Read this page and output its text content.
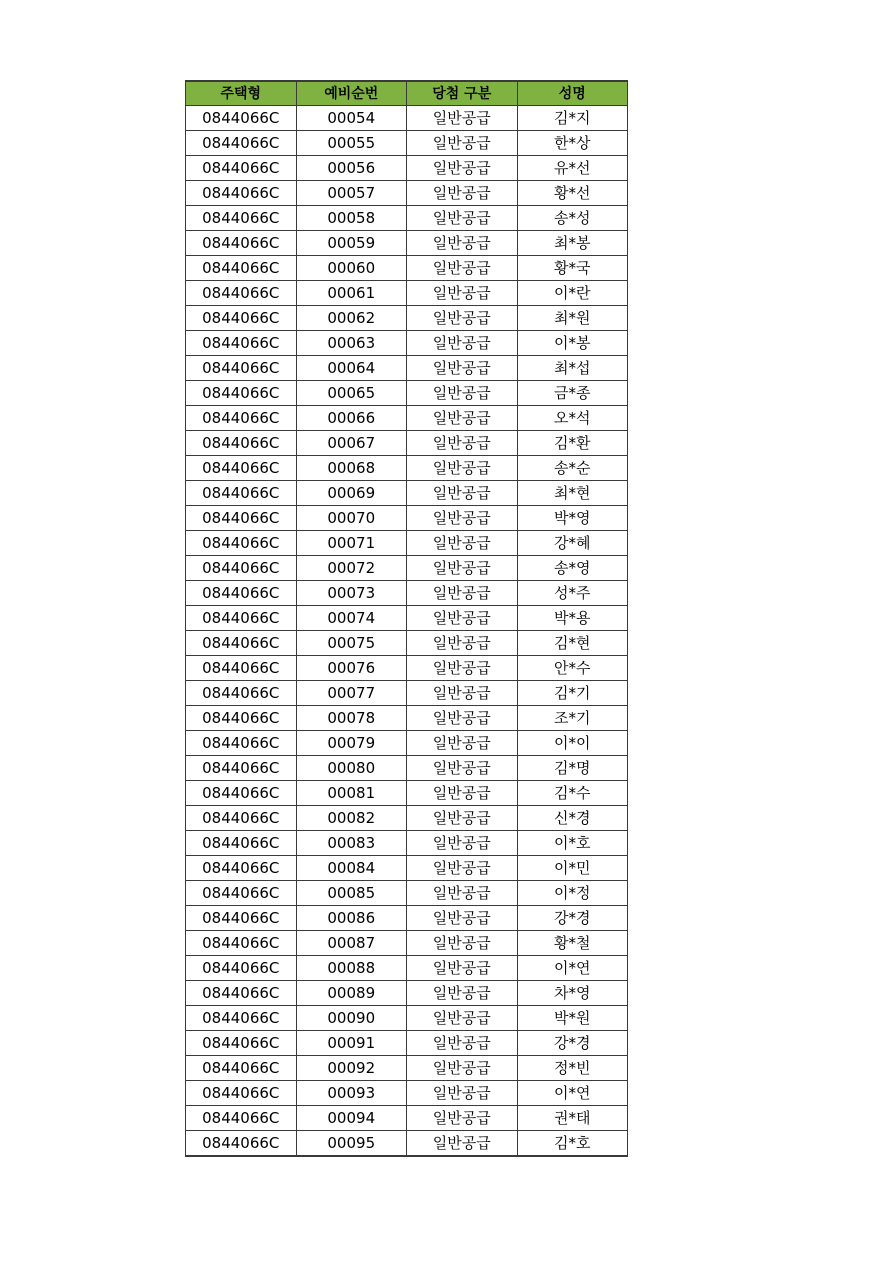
주택형	예비순번	당첨 구분	성명
0844066C	00054	일반공급	김*지
0844066C	00055	일반공급	한*상
0844066C	00056	일반공급	유*선
0844066C	00057	일반공급	황*선
0844066C	00058	일반공급	송*성
0844066C	00059	일반공급	최*봉
0844066C	00060	일반공급	황*국
0844066C	00061	일반공급	이*란
0844066C	00062	일반공급	최*원
0844066C	00063	일반공급	이*봉
0844066C	00064	일반공급	최*섭
0844066C	00065	일반공급	금*종
0844066C	00066	일반공급	오*석
0844066C	00067	일반공급	김*환
0844066C	00068	일반공급	송*순
0844066C	00069	일반공급	최*현
0844066C	00070	일반공급	박*영
0844066C	00071	일반공급	강*혜
0844066C	00072	일반공급	송*영
0844066C	00073	일반공급	성*주
0844066C	00074	일반공급	박*용
0844066C	00075	일반공급	김*현
0844066C	00076	일반공급	안*수
0844066C	00077	일반공급	김*기
0844066C	00078	일반공급	조*기
0844066C	00079	일반공급	이*이
0844066C	00080	일반공급	김*명
0844066C	00081	일반공급	김*수
0844066C	00082	일반공급	신*경
0844066C	00083	일반공급	이*호
0844066C	00084	일반공급	이*민
0844066C	00085	일반공급	이*정
0844066C	00086	일반공급	강*경
0844066C	00087	일반공급	황*철
0844066C	00088	일반공급	이*연
0844066C	00089	일반공급	차*영
0844066C	00090	일반공급	박*원
0844066C	00091	일반공급	강*경
0844066C	00092	일반공급	정*빈
0844066C	00093	일반공급	이*연
0844066C	00094	일반공급	권*태
0844066C	00095	일반공급	김*호
